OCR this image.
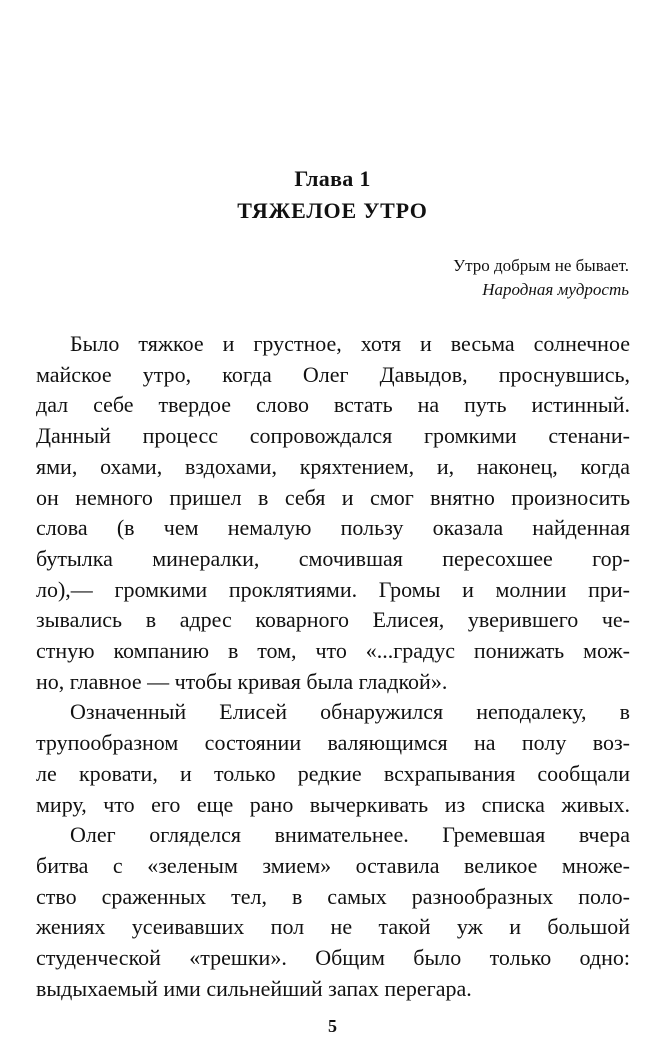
Глава 1
ТЯЖЕЛОЕ УТРО
Утро добрым не бывает.
Народная мудрость
Было тяжкое и грустное, хотя и весьма солнечное
майское утро, когда Олег Давыдов, проснувшись,
дал себе твердое слово встать на путь истинный.
Данный процесс сопровождался громкими стенани-
ями, охами, вздохами, кряхтением, и, наконец, когда
он немного пришел в себя и смог внятно произносить
слова (в чем немалую пользу оказала найденная
бутылка минералки, смочившая пересохшее гор-
ло),— громкими проклятиями. Громы и молнии при-
зывались в адрес коварного Елисея, уверившего че-
стную компанию в том, что «...градус понижать мож-
но, главное — чтобы кривая была гладкой».
Означенный Елисей обнаружился неподалеку, в
трупообразном состоянии валяющимся на полу воз-
ле кровати, и только редкие всхрапывания сообщали
миру, что его еще рано вычеркивать из списка живых.
Олег огляделся внимательнее. Гремевшая вчера
битва с «зеленым змием» оставила великое множе-
ство сраженных тел, в самых разнообразных поло-
жениях усеивавших пол не такой уж и большой
студенческой «трешки». Общим было только одно:
выдыхаемый ими сильнейший запах перегара.
5
